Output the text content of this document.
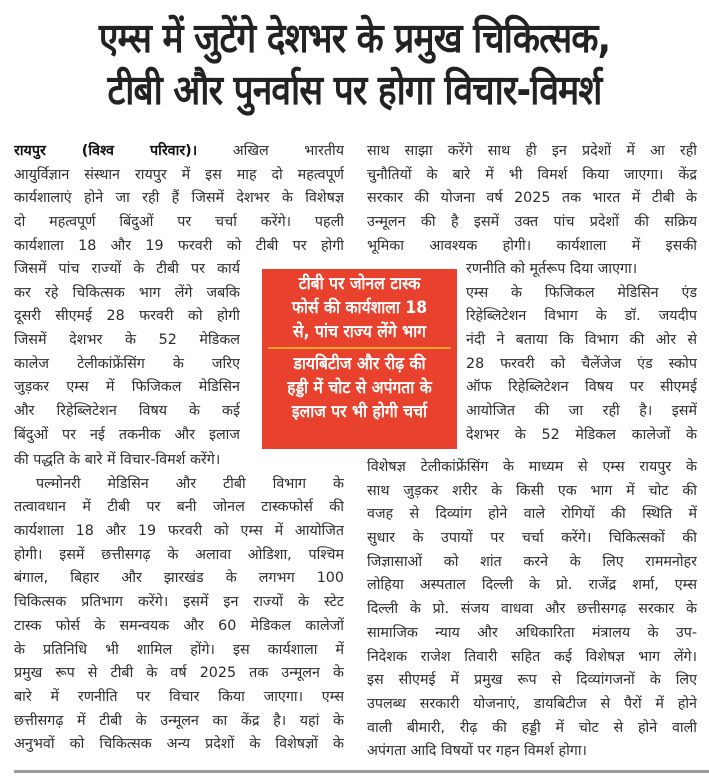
एम्स में जुटेंगे देशभर के प्रमुख चिकित्सक,
टीबी और पुनर्वास पर होगा विचार-विमर्श
रायपुर (विश्व परिवार)। अखिल भारतीय
आयुर्विज्ञान संस्थान रायपुर में इस माह दो महत्वपूर्ण
कार्यशालाएं होने जा रही हैं जिसमें देशभर के विशेषज्ञ
दो महत्वपूर्ण बिंदुओं पर चर्चा करेंगे। पहली
कार्यशाला 18 और 19 फरवरी को टीबी पर होगी
जिसमें पांच राज्यों के टीबी पर कार्य
कर रहे चिकित्सक भाग लेंगे जबकि
दूसरी सीएमई 28 फरवरी को होगी
जिसमें देशभर के 52 मेडिकल
कालेज टेलीकांफ्रेंसिंग के जरिए
जुड़कर एम्स में फिजिकल मेडिसिन
और रिहेब्लिटेशन विषय के कई
बिंदुओं पर नई तकनीक और इलाज
की पद्धति के बारे में विचार-विमर्श करेंगे।
पल्मोनरी मेडिसिन और टीबी विभाग के
तत्वावधान में टीबी पर बनी जोनल टास्कफोर्स की
कार्यशाला 18 और 19 फरवरी को एम्स में आयोजित
होगी। इसमें छत्तीसगढ़ के अलावा ओडिशा, पश्चिम
बंगाल, बिहार और झारखंड के लगभग 100
चिकित्सक प्रतिभाग करेंगे। इसमें इन राज्यों के स्टेट
टास्क फोर्स के समन्वयक और 60 मेडिकल कालेजों
के प्रतिनिधि भी शामिल होंगे। इस कार्यशाला में
प्रमुख रूप से टीबी के वर्ष 2025 तक उन्मूलन के
बारे में रणनीति पर विचार किया जाएगा। एम्स
छत्तीसगढ़ में टीबी के उन्मूलन का केंद्र है। यहां के
अनुभवों को चिकित्सक अन्य प्रदेशों के विशेषज्ञों के
टीबी पर जोनल टास्क
फोर्स की कार्यशाला 18
से, पांच राज्य लेंगे भाग
डायबिटीज और रीढ़ की
हड्डी में चोट से अपंगता के
इलाज पर भी होगी चर्चा
साथ साझा करेंगे साथ ही इन प्रदेशों में आ रही
चुनौतियों के बारे में भी विमर्श किया जाएगा। केंद्र
सरकार की योजना वर्ष 2025 तक भारत में टीबी के
उन्मूलन की है इसमें उक्त पांच प्रदेशों की सक्रिय
भूमिका आवश्यक होगी। कार्यशाला में इसकी
रणनीति को मूर्तरूप दिया जाएगा।
एम्स के फिजिकल मेडिसिन एंड
रिहेब्लिटेशन विभाग के डॉ. जयदीप
नंदी ने बताया कि विभाग की ओर से
28 फरवरी को चैलेंजेज एंड स्कोप
ऑफ रिहेब्लिटेशन विषय पर सीएमई
आयोजित की जा रही है। इसमें
देशभर के 52 मेडिकल कालेजों के
विशेषज्ञ टेलीकांफ्रेंसिंग के माध्यम से एम्स रायपुर के
साथ जुड़कर शरीर के किसी एक भाग में चोट की
वजह से दिव्यांग होने वाले रोगियों की स्थिति में
सुधार के उपायों पर चर्चा करेंगे। चिकित्सकों की
जिज्ञासाओं को शांत करने के लिए राममनोहर
लोहिया अस्पताल दिल्ली के प्रो. राजेंद्र शर्मा, एम्स
दिल्ली के प्रो. संजय वाधवा और छत्तीसगढ़ सरकार के
सामाजिक न्याय और अधिकारिता मंत्रालय के उप-
निदेशक राजेश तिवारी सहित कई विशेषज्ञ भाग लेंगे।
इस सीएमई में प्रमुख रूप से दिव्यांगजनों के लिए
उपलब्ध सरकारी योजनाएं, डायबिटीज से पैरों में होने
वाली बीमारी, रीढ़ की हड्डी में चोट से होने वाली
अपंगता आदि विषयों पर गहन विमर्श होगा।
